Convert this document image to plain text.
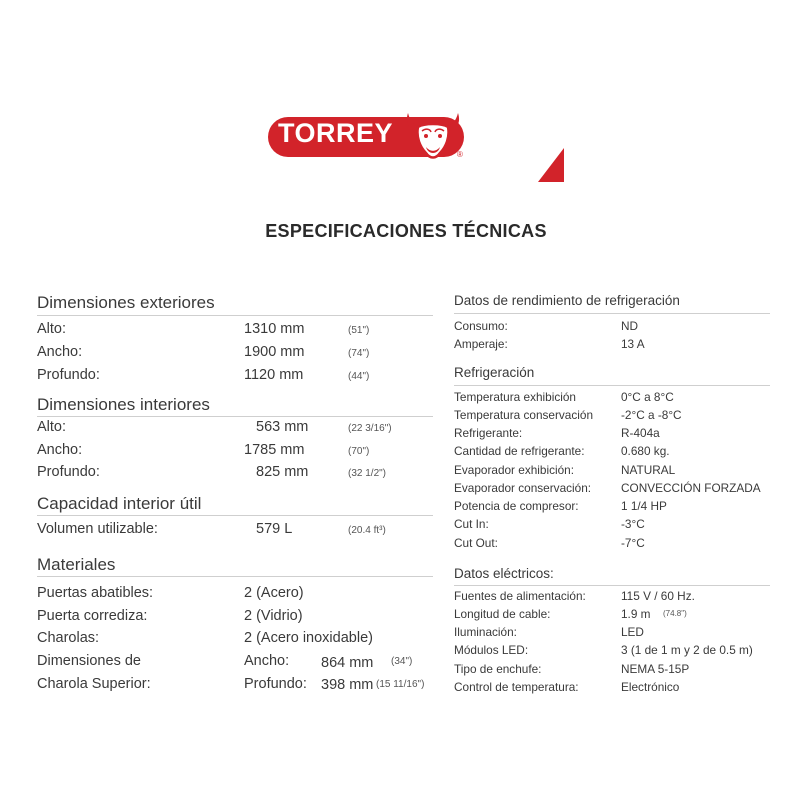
TORREY
®
ESPECIFICACIONES TÉCNICAS
Dimensiones exteriores
Alto:	1310 mm	(51")
Ancho:	1900 mm	(74")
Profundo:	1120 mm	(44")
Dimensiones interiores
Alto:	563 mm	(22 3/16")
Ancho:	1785 mm	(70")
Profundo:	825 mm	(32 1/2")
Capacidad interior útil
Volumen utilizable:	579 L	(20.4 ft³)
Materiales
Puertas abatibles:	2 (Acero)
Puerta corrediza:	2 (Vidrio)
Charolas:	2 (Acero inoxidable)
Dimensiones de	Ancho: 864 mm (34")
Charola Superior:	Profundo: 398 mm (15 11/16")
Datos de rendimiento de refrigeración
Consumo:	ND
Amperaje:	13 A
Refrigeración
Temperatura exhibición	0°C a 8°C
Temperatura conservación -2°C a -8°C
Refrigerante:	R-404a
Cantidad de refrigerante:	0.680 kg.
Evaporador exhibición:	NATURAL
Evaporador conservación:	CONVECCIÓN FORZADA
Potencia de compresor:	1 1/4 HP
Cut In:	-3°C
Cut Out:	-7°C
Datos eléctricos:
Fuentes de alimentación:	115 V / 60 Hz.
Longitud de cable:	1.9 m (74.8")
Iluminación:	LED
Módulos LED:	3 (1 de 1 m y 2 de 0.5 m)
Tipo de enchufe:	NEMA 5-15P
Control de temperatura:	Electrónico
